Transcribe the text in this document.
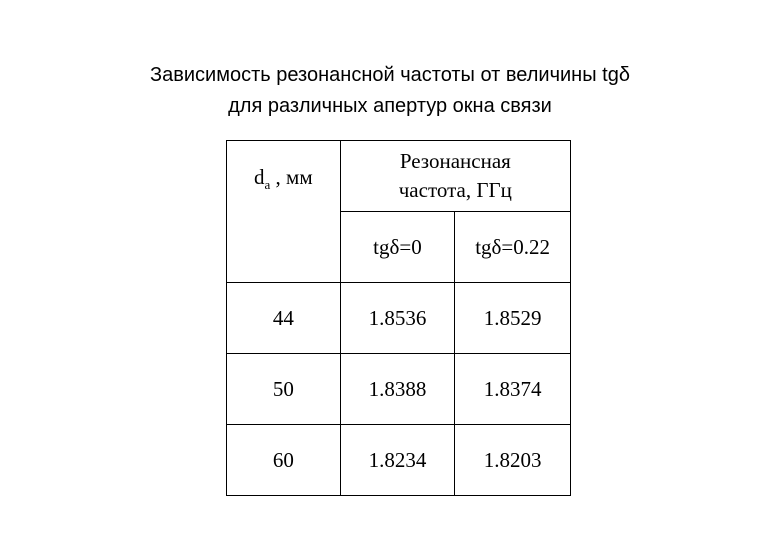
Зависимость резонансной частоты от величины tgδ
для различных апертур окна связи
$d_a$ , мм	Резонансная
частота, ГГц	

	tgδ=0	tgδ=0.22
44	1.8536	1.8529
50	1.8388	1.8374
60	1.8234	1.8203
